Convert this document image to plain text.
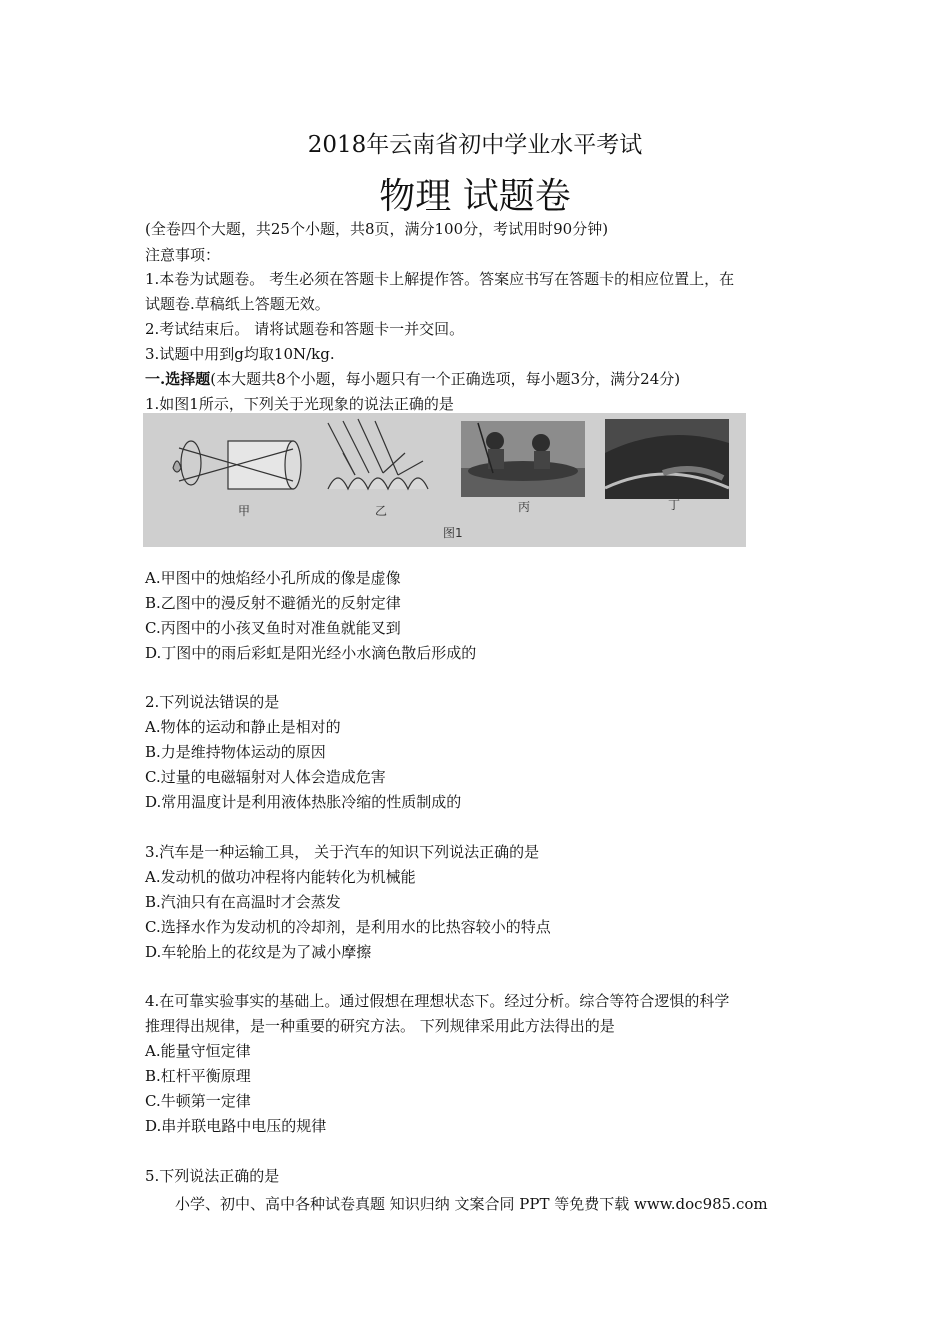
2018年云南省初中学业水平考试
物理 试题卷
(全卷四个大题，共25个小题，共8页，满分100分，考试用时90分钟)
注意事项：
1.本卷为试题卷。 考生必须在答题卡上解提作答。答案应书写在答题卡的相应位置上，在
试题卷.草稿纸上答题无效。
2.考试结束后。 请将试题卷和答题卡一并交回。
3.试题中用到g均取10N/kg.
一.选择题(本大题共8个小题，每小题只有一个正确选项，每小题3分，满分24分)
1.如图1所示，下列关于光现象的说法正确的是
甲	乙	丙	丁
图1
A.甲图中的烛焰经小孔所成的像是虚像
B.乙图中的漫反射不避循光的反射定律
C.丙图中的小孩叉鱼时对准鱼就能叉到
D.丁图中的雨后彩虹是阳光经小水滴色散后形成的
2.下列说法错误的是
A.物体的运动和静止是相对的
B.力是维持物体运动的原因
C.过量的电磁辐射对人体会造成危害
D.常用温度计是利用液体热胀冷缩的性质制成的
3.汽车是一种运输工具， 关于汽车的知识下列说法正确的是
A.发动机的做功冲程将内能转化为机械能
B.汽油只有在高温时才会蒸发
C.选择水作为发动机的冷却剂，是利用水的比热容较小的特点
D.车轮胎上的花纹是为了减小摩擦
4.在可靠实验事实的基础上。通过假想在理想状态下。经过分析。综合等符合逻惧的科学
推理得出规律，是一种重要的研究方法。 下列规律采用此方法得出的是
A.能量守恒定律
B.杠杆平衡原理
C.牛顿第一定律
D.串并联电路中电压的规律
5.下列说法正确的是
小学、初中、高中各种试卷真题 知识归纳 文案合同 PPT 等免费下载 www.doc985.com
